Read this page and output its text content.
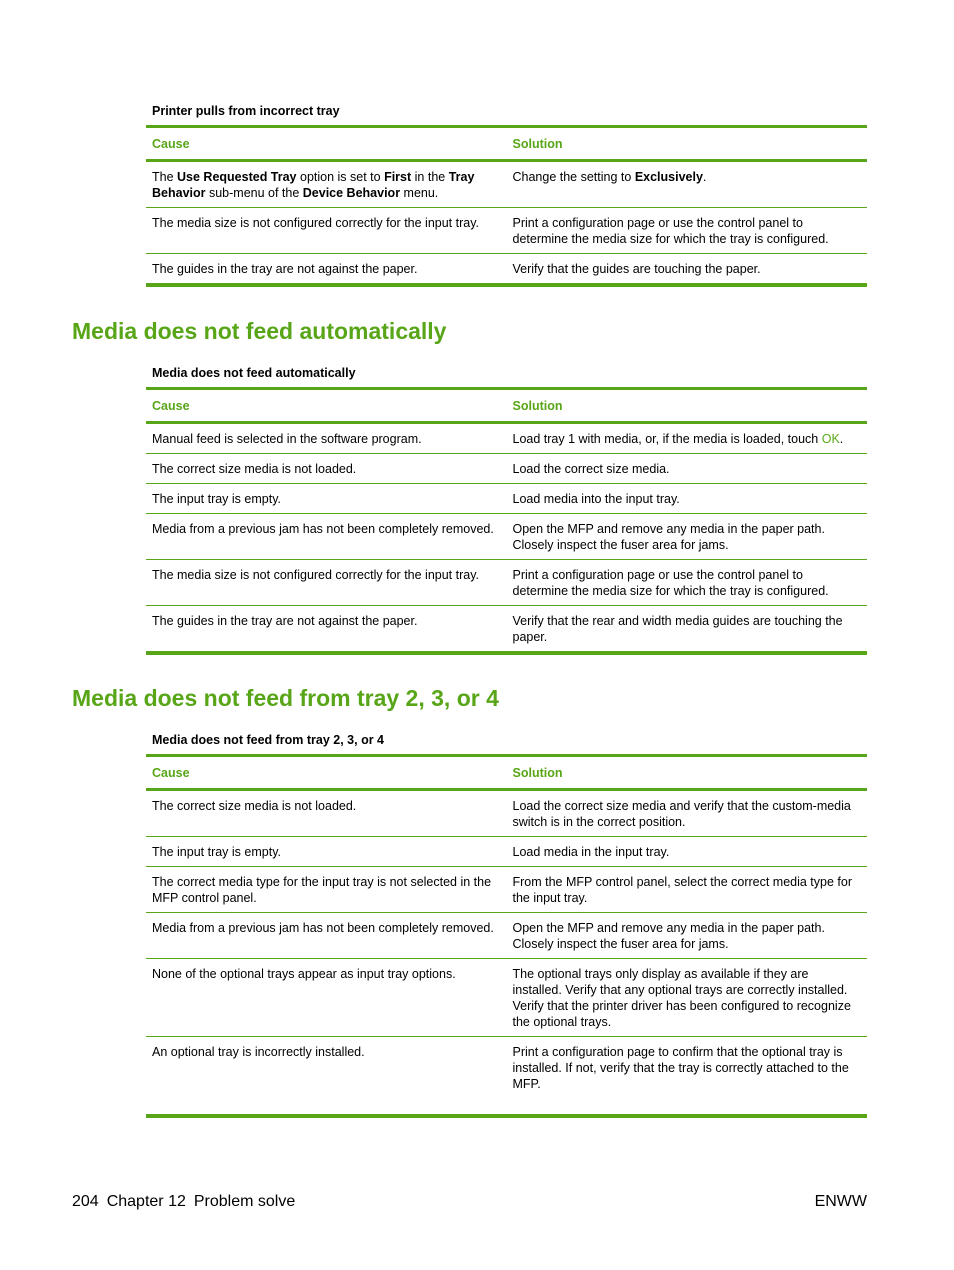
Printer pulls from incorrect tray

Cause	Solution
The Use Requested Tray option is set to First in the Tray Behavior sub-menu of the Device Behavior menu.	Change the setting to Exclusively.
The media size is not configured correctly for the input tray.	Print a configuration page or use the control panel to determine the media size for which the tray is configured.
The guides in the tray are not against the paper.	Verify that the guides are touching the paper.
Media does not feed automatically

Media does not feed automatically

Cause	Solution
Manual feed is selected in the software program.	Load tray 1 with media, or, if the media is loaded, touch OK.
The correct size media is not loaded.	Load the correct size media.
The input tray is empty.	Load media into the input tray.
Media from a previous jam has not been completely removed.	Open the MFP and remove any media in the paper path. Closely inspect the fuser area for jams.
The media size is not configured correctly for the input tray.	Print a configuration page or use the control panel to determine the media size for which the tray is configured.
The guides in the tray are not against the paper.	Verify that the rear and width media guides are touching the paper.
Media does not feed from tray 2, 3, or 4

Media does not feed from tray 2, 3, or 4

Cause	Solution
The correct size media is not loaded.	Load the correct size media and verify that the custom-media switch is in the correct position.
The input tray is empty.	Load media in the input tray.
The correct media type for the input tray is not selected in the MFP control panel.	From the MFP control panel, select the correct media type for the input tray.
Media from a previous jam has not been completely removed.	Open the MFP and remove any media in the paper path. Closely inspect the fuser area for jams.
None of the optional trays appear as input tray options.	The optional trays only display as available if they are installed. Verify that any optional trays are correctly installed. Verify that the printer driver has been configured to recognize the optional trays.
An optional tray is incorrectly installed.	Print a configuration page to confirm that the optional tray is installed. If not, verify that the tray is correctly attached to the MFP.
204 Chapter 12 Problem solve	ENWW
